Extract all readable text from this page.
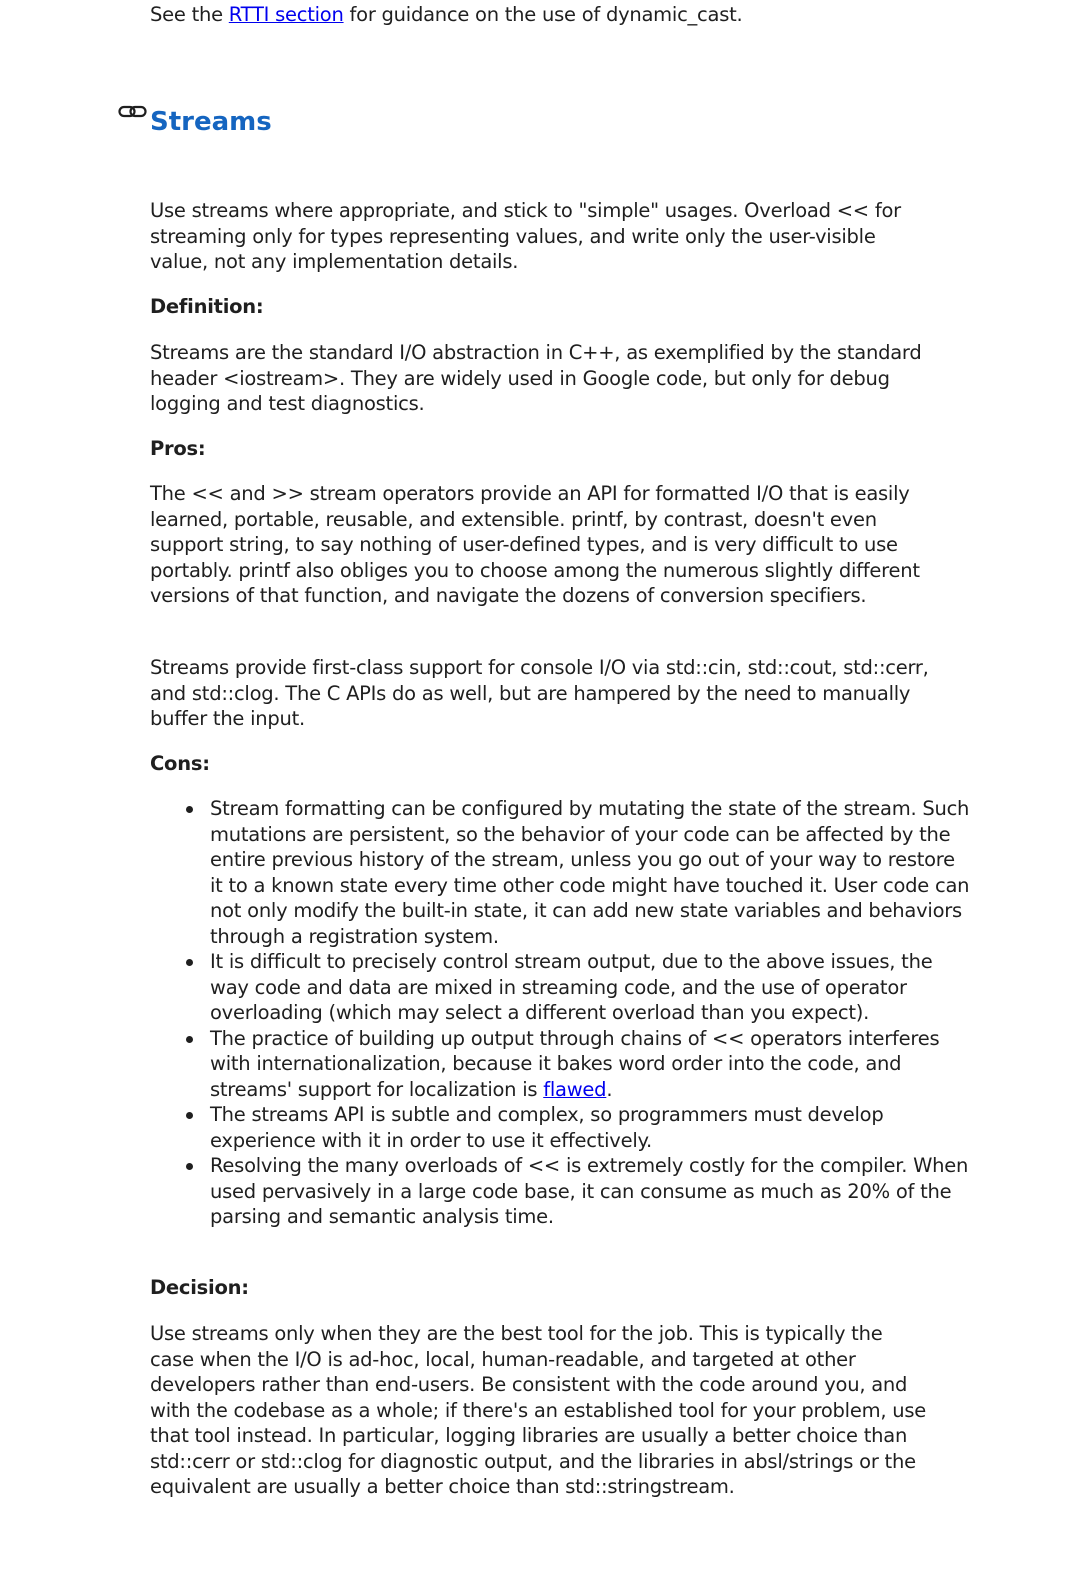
See the RTTI section for guidance on the use of dynamic_cast.
Streams

Use streams where appropriate, and stick to "simple" usages. Overload << for streaming only for types representing values, and write only the user-visible value, not any implementation details.

Definition:

Streams are the standard I/O abstraction in C++, as exemplified by the standard header <iostream>. They are widely used in Google code, but only for debug logging and test diagnostics.

Pros:

The << and >> stream operators provide an API for formatted I/O that is easily learned, portable, reusable, and extensible. printf, by contrast, doesn't even support string, to say nothing of user-defined types, and is very difficult to use portably. printf also obliges you to choose among the numerous slightly different versions of that function, and navigate the dozens of conversion specifiers.

Streams provide first-class support for console I/O via std::cin, std::cout, std::cerr, and std::clog. The C APIs do as well, but are hampered by the need to manually buffer the input.

Cons:

Stream formatting can be configured by mutating the state of the stream. Such mutations are persistent, so the behavior of your code can be affected by the entire previous history of the stream, unless you go out of your way to restore it to a known state every time other code might have touched it. User code can not only modify the built-in state, it can add new state variables and behaviors through a registration system.
It is difficult to precisely control stream output, due to the above issues, the way code and data are mixed in streaming code, and the use of operator overloading (which may select a different overload than you expect).
The practice of building up output through chains of << operators interferes with internationalization, because it bakes word order into the code, and streams' support for localization is flawed.
The streams API is subtle and complex, so programmers must develop experience with it in order to use it effectively.
Resolving the many overloads of << is extremely costly for the compiler. When used pervasively in a large code base, it can consume as much as 20% of the parsing and semantic analysis time.

Decision:

Use streams only when they are the best tool for the job. This is typically the case when the I/O is ad-hoc, local, human-readable, and targeted at other developers rather than end-users. Be consistent with the code around you, and with the codebase as a whole; if there's an established tool for your problem, use that tool instead. In particular, logging libraries are usually a better choice than std::cerr or std::clog for diagnostic output, and the libraries in absl/strings or the equivalent are usually a better choice than std::stringstream.
